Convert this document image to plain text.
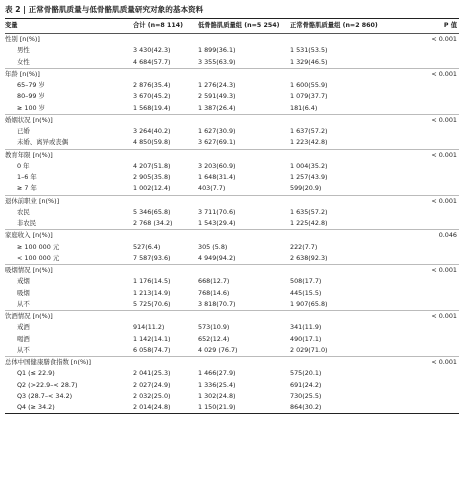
表 2 | 正常骨骼肌质量与低骨骼肌质量研究对象的基本资料
变量	合计 (n=8 114)	低骨骼肌质量组 (n=5 254)	正常骨骼肌质量组 (n=2 860)	P 值
性别 [n(%)]				< 0.001
男性	3 430(42.3)	1 899(36.1)	1 531(53.5)	
女性	4 684(57.7)	3 355(63.9)	1 329(46.5)	
年龄 [n(%)]				< 0.001
65–79 岁	2 876(35.4)	1 276(24.3)	1 600(55.9)	
80–99 岁	3 670(45.2)	2 591(49.3)	1 079(37.7)	
≥ 100 岁	1 568(19.4)	1 387(26.4)	181(6.4)	
婚姻状况 [n(%)]				< 0.001
已婚	3 264(40.2)	1 627(30.9)	1 637(57.2)	
未婚、离异或丧偶	4 850(59.8)	3 627(69.1)	1 223(42.8)	
教育年限 [n(%)]				< 0.001
0 年	4 207(51.8)	3 203(60.9)	1 004(35.2)	
1–6 年	2 905(35.8)	1 648(31.4)	1 257(43.9)	
≥ 7 年	1 002(12.4)	403(7.7)	599(20.9)	
退休前职业 [n(%)]				< 0.001
农民	5 346(65.8)	3 711(70.6)	1 635(57.2)	
非农民	2 768 (34.2)	1 543(29.4)	1 225(42.8)	
家庭收入 [n(%)]				0.046
≥ 100 000 元	527(6.4)	305 (5.8)	222(7.7)	
< 100 000 元	7 587(93.6)	4 949(94.2)	2 638(92.3)	
吸烟情况 [n(%)]				< 0.001
戒烟	1 176(14.5)	668(12.7)	508(17.7)	
吸烟	1 213(14.9)	768(14.6)	445(15.5)	
从不	5 725(70.6)	3 818(70.7)	1 907(65.8)	
饮酒情况 [n(%)]				< 0.001
戒酒	914(11.2)	573(10.9)	341(11.9)	
喝酒	1 142(14.1)	652(12.4)	490(17.1)	
从不	6 058(74.7)	4 029 (76.7)	2 029(71.0)	
总体中国健康膳食指数 [n(%)]				< 0.001
Q1 (≤ 22.9)	2 041(25.3)	1 466(27.9)	575(20.1)	
Q2 (>22.9–< 28.7)	2 027(24.9)	1 336(25.4)	691(24.2)	
Q3 (28.7–< 34.2)	2 032(25.0)	1 302(24.8)	730(25.5)	
Q4 (≥ 34.2)	2 014(24.8)	1 150(21.9)	864(30.2)	
